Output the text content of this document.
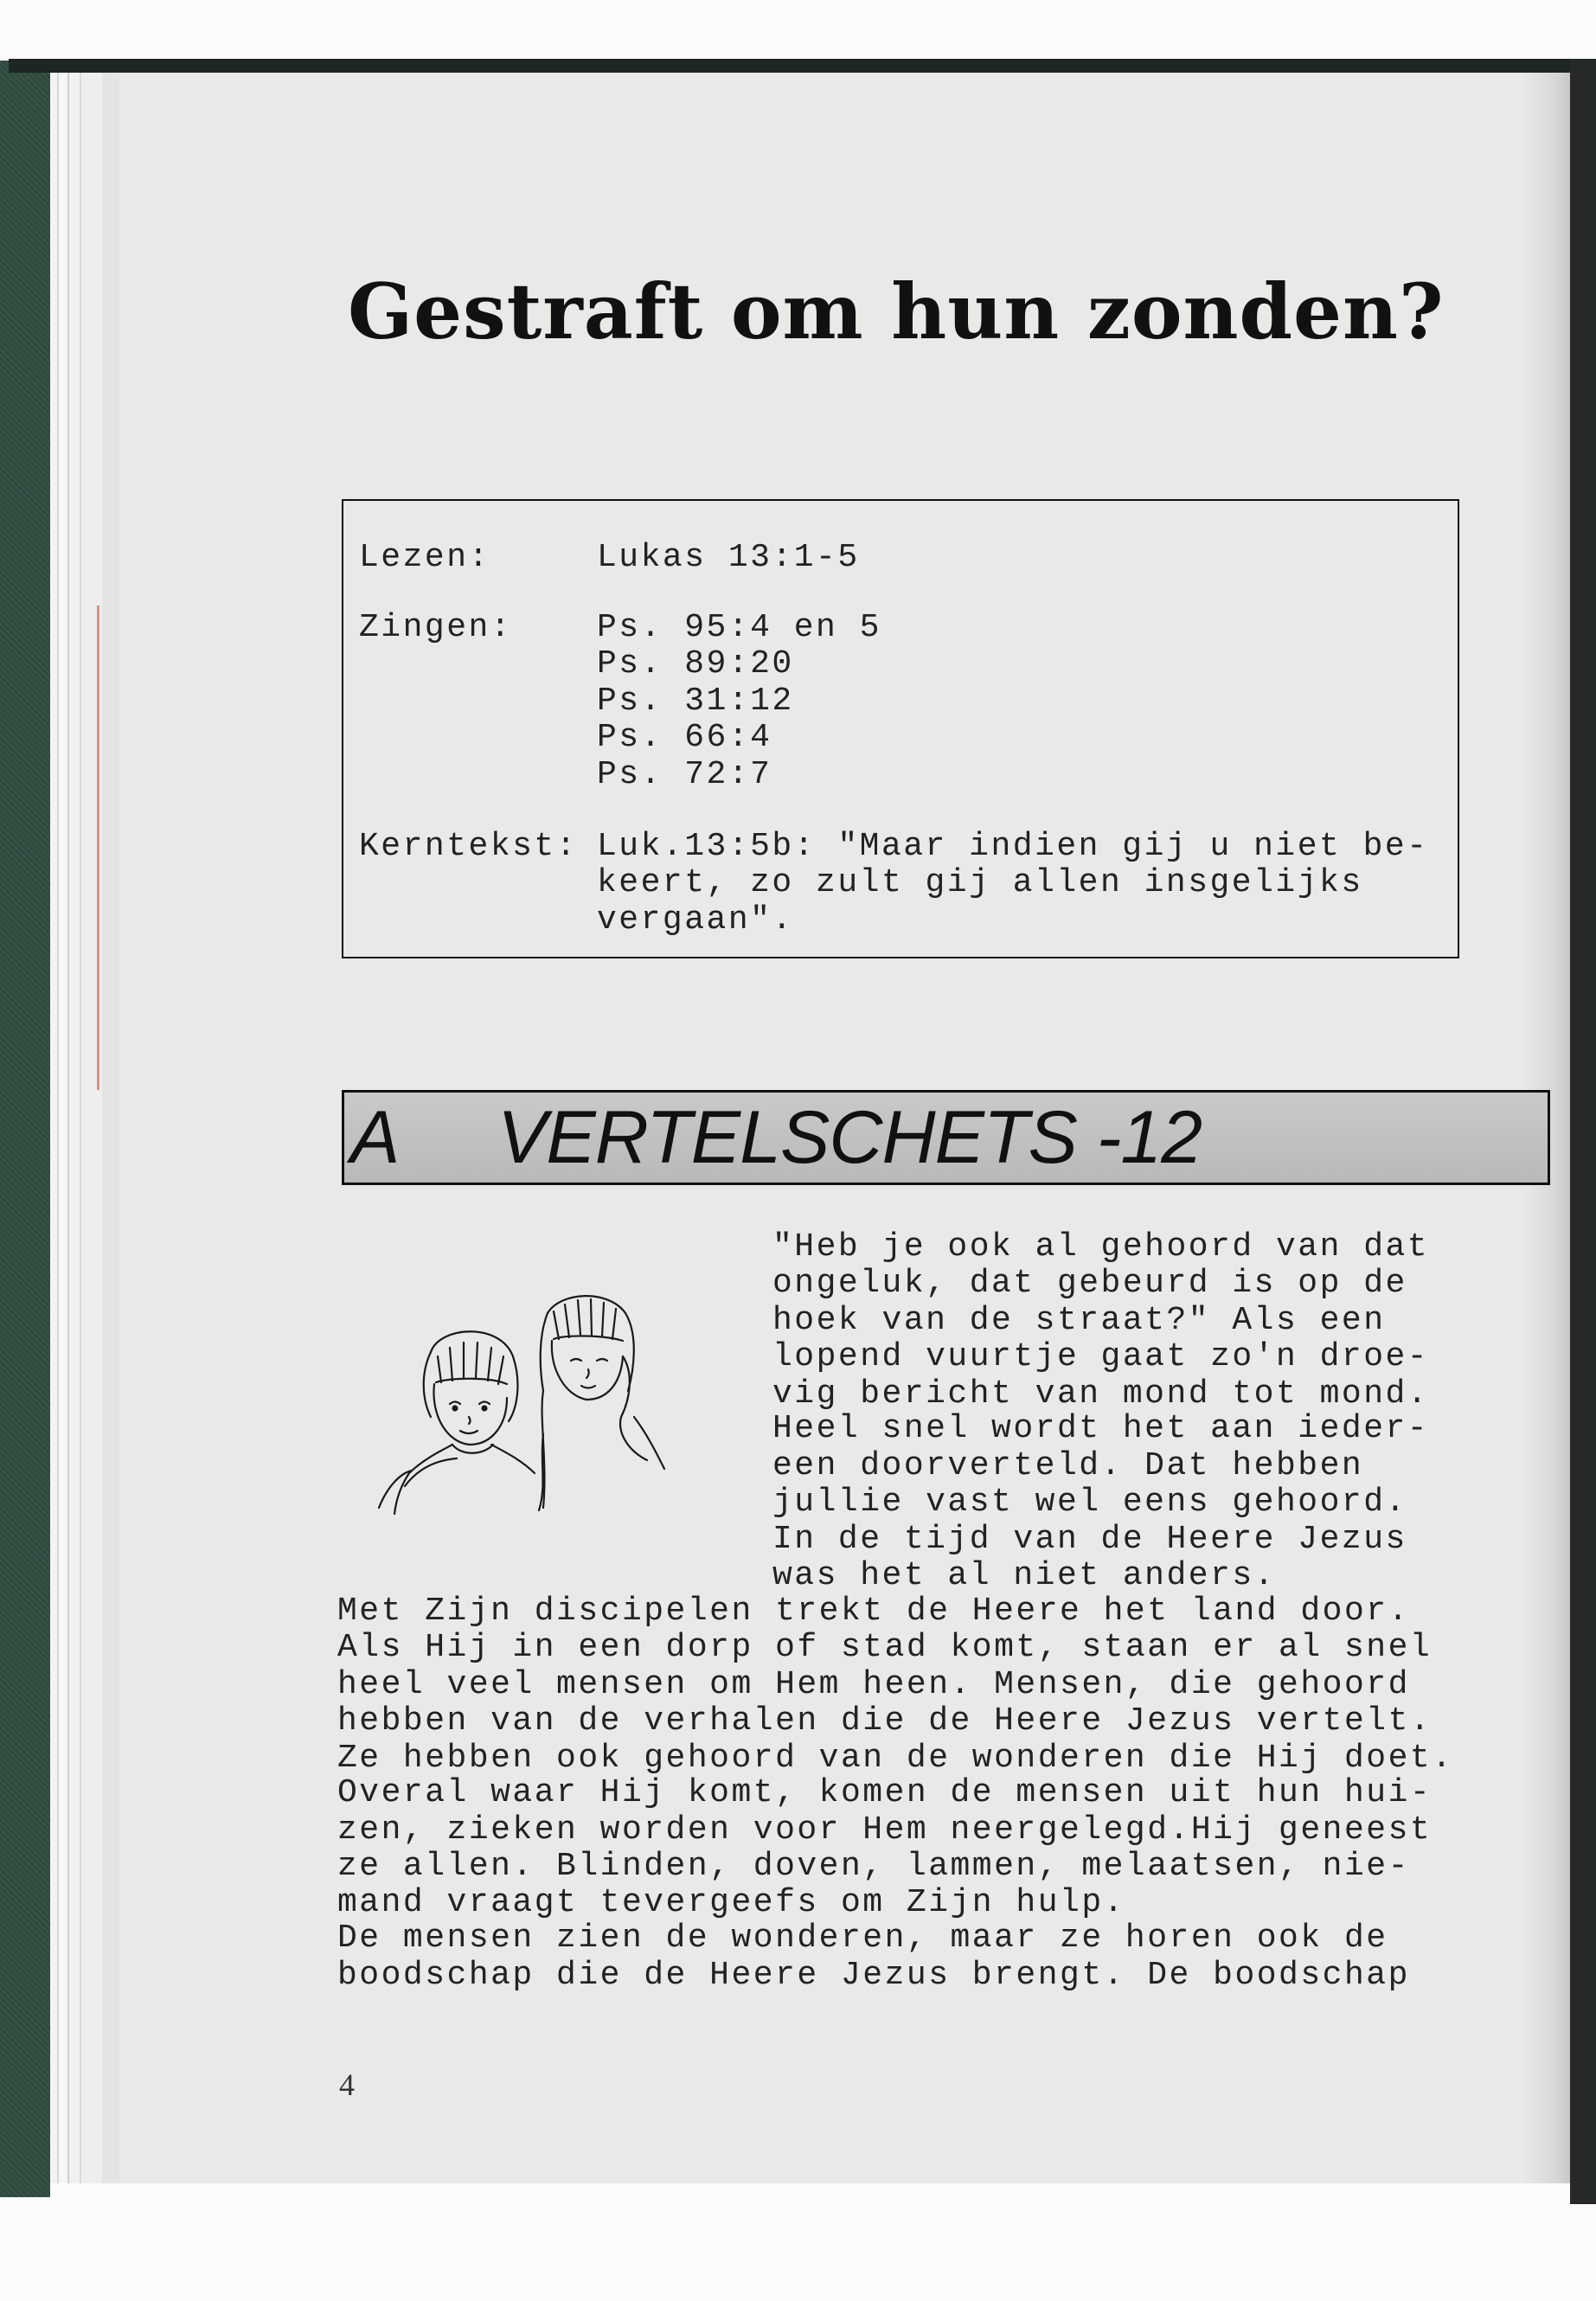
Gestraft om hun zonden?
Lezen:	Lukas 13:1-5
Zingen:	Ps. 95:4 en 5
Ps. 89:20
Ps. 31:12
Ps. 66:4
Ps. 72:7
Kerntekst: Luk.13:5b: "Maar indien gij u niet be-
keert, zo zult gij allen insgelijks
vergaan".
A VERTELSCHETS -12
"Heb je ook al gehoord van dat
ongeluk, dat gebeurd is op de
hoek van de straat?" Als een
lopend vuurtje gaat zo'n droe-
vig bericht van mond tot mond.
Heel snel wordt het aan ieder-
een doorverteld. Dat hebben
jullie vast wel eens gehoord.
In de tijd van de Heere Jezus
was het al niet anders.
Met Zijn discipelen trekt de Heere het land door.
Als Hij in een dorp of stad komt, staan er al snel
heel veel mensen om Hem heen. Mensen, die gehoord
hebben van de verhalen die de Heere Jezus vertelt.
Ze hebben ook gehoord van de wonderen die Hij doet.
Overal waar Hij komt, komen de mensen uit hun hui-
zen, zieken worden voor Hem neergelegd.Hij geneest
ze allen. Blinden, doven, lammen, melaatsen, nie-
mand vraagt tevergeefs om Zijn hulp.
De mensen zien de wonderen, maar ze horen ook de
boodschap die de Heere Jezus brengt. De boodschap
4
